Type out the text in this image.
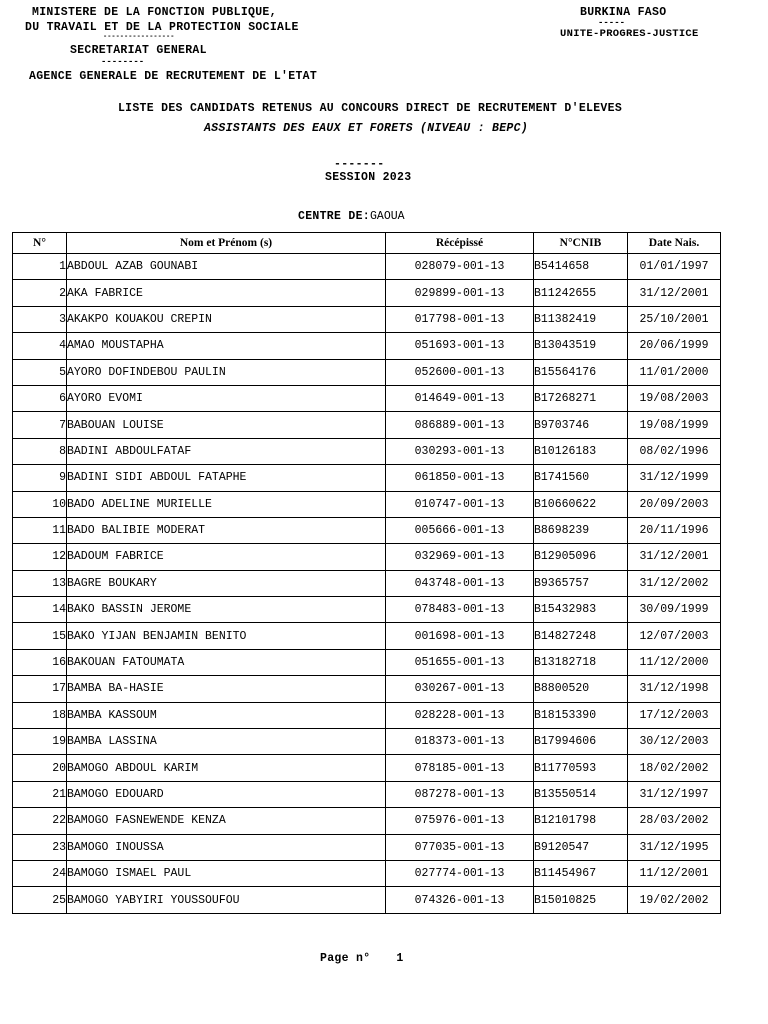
MINISTERE DE LA FONCTION PUBLIQUE,
DU TRAVAIL ET DE LA PROTECTION SOCIALE
-----------------
SECRETARIAT GENERAL
--------
AGENCE GENERALE DE RECRUTEMENT DE L'ETAT
BURKINA FASO
-----
UNITE-PROGRES-JUSTICE
LISTE DES CANDIDATS RETENUS AU CONCOURS DIRECT DE RECRUTEMENT D'ELEVES
ASSISTANTS DES EAUX ET FORETS (NIVEAU : BEPC)
-------
SESSION 2023
CENTRE DE:GAOUA
N°	Nom et Prénom (s)	Récépissé	N°CNIB	Date Nais.
1	ABDOUL AZAB GOUNABI	028079-001-13	B5414658	01/01/1997
2	AKA FABRICE	029899-001-13	B11242655	31/12/2001
3	AKAKPO KOUAKOU CREPIN	017798-001-13	B11382419	25/10/2001
4	AMAO MOUSTAPHA	051693-001-13	B13043519	20/06/1999
5	AYORO DOFINDEBOU PAULIN	052600-001-13	B15564176	11/01/2000
6	AYORO EVOMI	014649-001-13	B17268271	19/08/2003
7	BABOUAN LOUISE	086889-001-13	B9703746	19/08/1999
8	BADINI ABDOULFATAF	030293-001-13	B10126183	08/02/1996
9	BADINI SIDI ABDOUL FATAPHE	061850-001-13	B1741560	31/12/1999
10	BADO ADELINE MURIELLE	010747-001-13	B10660622	20/09/2003
11	BADO BALIBIE MODERAT	005666-001-13	B8698239	20/11/1996
12	BADOUM FABRICE	032969-001-13	B12905096	31/12/2001
13	BAGRE BOUKARY	043748-001-13	B9365757	31/12/2002
14	BAKO BASSIN JEROME	078483-001-13	B15432983	30/09/1999
15	BAKO YIJAN BENJAMIN BENITO	001698-001-13	B14827248	12/07/2003
16	BAKOUAN FATOUMATA	051655-001-13	B13182718	11/12/2000
17	BAMBA BA-HASIE	030267-001-13	B8800520	31/12/1998
18	BAMBA KASSOUM	028228-001-13	B18153390	17/12/2003
19	BAMBA LASSINA	018373-001-13	B17994606	30/12/2003
20	BAMOGO ABDOUL KARIM	078185-001-13	B11770593	18/02/2002
21	BAMOGO EDOUARD	087278-001-13	B13550514	31/12/1997
22	BAMOGO FASNEWENDE KENZA	075976-001-13	B12101798	28/03/2002
23	BAMOGO INOUSSA	077035-001-13	B9120547	31/12/1995
24	BAMOGO ISMAEL PAUL	027774-001-13	B11454967	11/12/2001
25	BAMOGO YABYIRI YOUSSOUFOU	074326-001-13	B15010825	19/02/2002
Page n° 1
